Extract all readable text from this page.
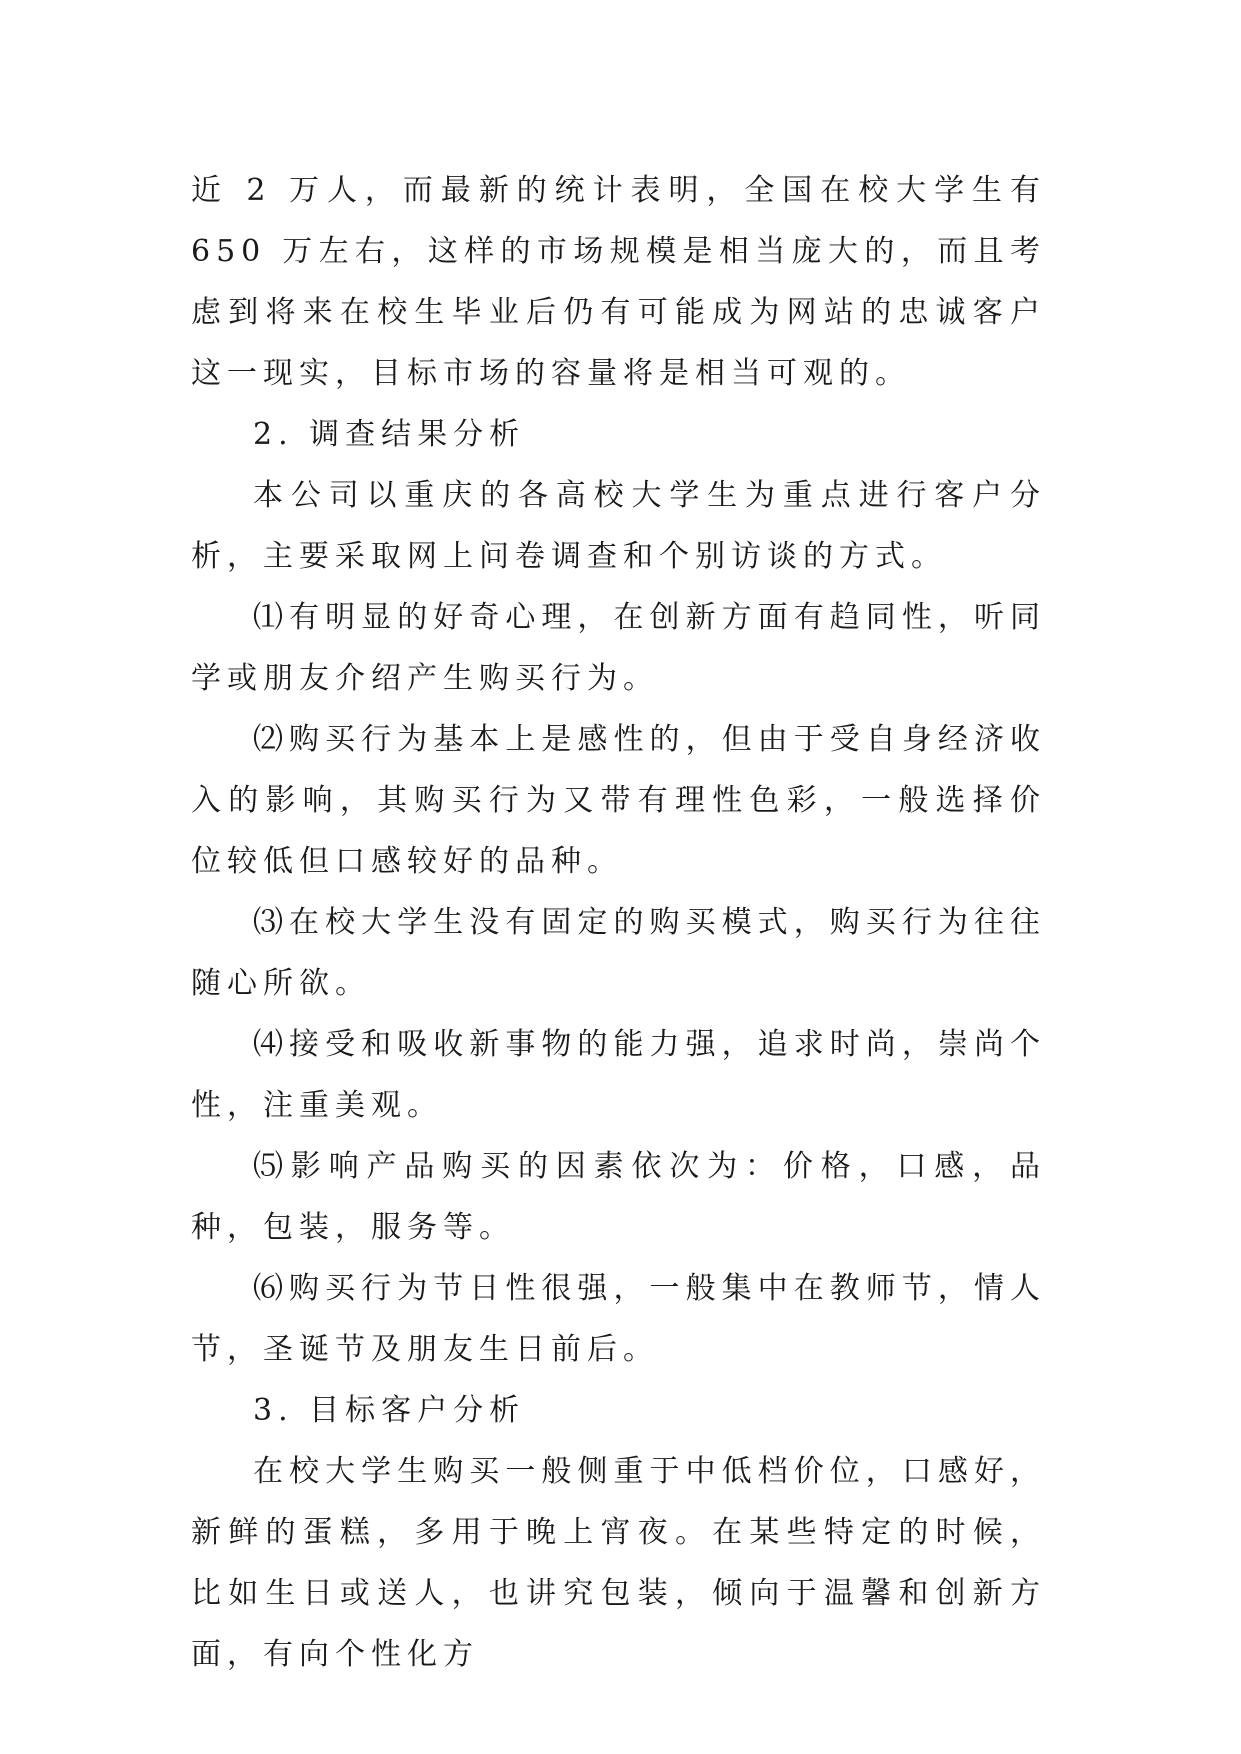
近 2 万人，而最新的统计表明，全国在校大学生有 650 万左右，这样的市场规模是相当庞大的，而且考虑到将来在校生毕业后仍有可能成为网站的忠诚客户这一现实，目标市场的容量将是相当可观的。

2. 调查结果分析

本公司以重庆的各高校大学生为重点进行客户分析，主要采取网上问卷调查和个别访谈的方式。

⑴有明显的好奇心理，在创新方面有趋同性，听同学或朋友介绍产生购买行为。

⑵购买行为基本上是感性的，但由于受自身经济收入的影响，其购买行为又带有理性色彩，一般选择价位较低但口感较好的品种。

⑶在校大学生没有固定的购买模式，购买行为往往随心所欲。

⑷接受和吸收新事物的能力强，追求时尚，崇尚个性，注重美观。

⑸影响产品购买的因素依次为：价格，口感，品种，包装，服务等。

⑹购买行为节日性很强，一般集中在教师节，情人节，圣诞节及朋友生日前后。

3. 目标客户分析

在校大学生购买一般侧重于中低档价位，口感好，新鲜的蛋糕，多用于晚上宵夜。在某些特定的时候，比如生日或送人，也讲究包装，倾向于温馨和创新方面，有向个性化方
